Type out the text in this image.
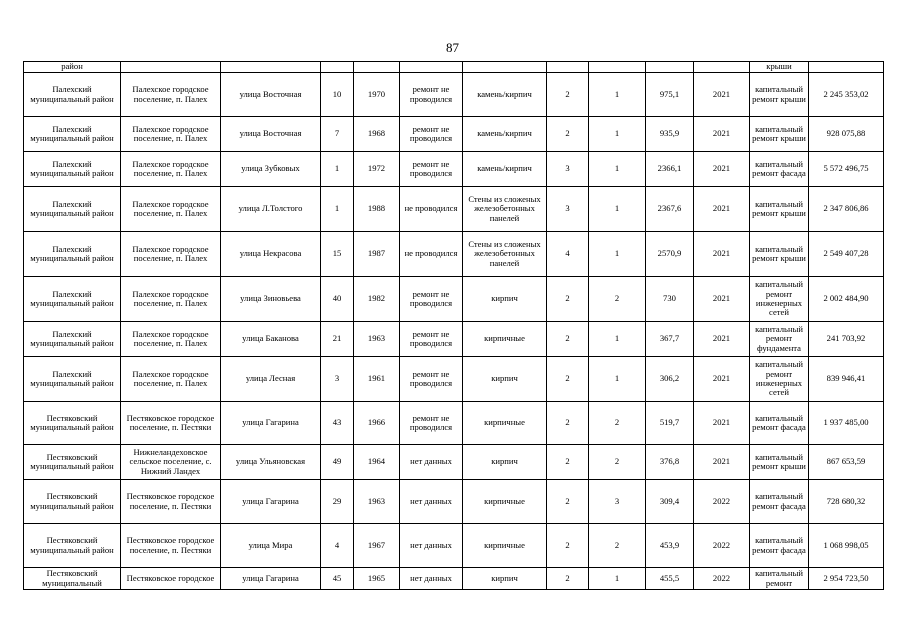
87
район											крыши	
Палехский муниципальный район	Палехское городское поселение, п. Палех	улица Восточная	10	1970	ремонт не проводился	камень/кирпич	2	1	975,1	2021	капитальный ремонт крыши	2 245 353,02
Палехский муниципальный район	Палехское городское поселение, п. Палех	улица Восточная	7	1968	ремонт не проводился	камень/кирпич	2	1	935,9	2021	капитальный ремонт крыши	928 075,88
Палехский муниципальный район	Палехское городское поселение, п. Палех	улица Зубковых	1	1972	ремонт не проводился	камень/кирпич	3	1	2366,1	2021	капитальный ремонт фасада	5 572 496,75
Палехский муниципальный район	Палехское городское поселение, п. Палех	улица Л.Толстого	1	1988	не проводился	Стены из сложеных железобетонных панелей	3	1	2367,6	2021	капитальный ремонт крыши	2 347 806,86
Палехский муниципальный район	Палехское городское поселение, п. Палех	улица Некрасова	15	1987	не проводился	Стены из сложеных железобетонных панелей	4	1	2570,9	2021	капитальный ремонт крыши	2 549 407,28
Палехский муниципальный район	Палехское городское поселение, п. Палех	улица Зиновьева	40	1982	ремонт не проводился	кирпич	2	2	730	2021	капитальный ремонт инженерных сетей	2 002 484,90
Палехский муниципальный район	Палехское городское поселение, п. Палех	улица Баканова	21	1963	ремонт не проводился	кирпичные	2	1	367,7	2021	капитальный ремонт фундамента	241 703,92
Палехский муниципальный район	Палехское городское поселение, п. Палех	улица Лесная	3	1961	ремонт не проводился	кирпич	2	1	306,2	2021	капитальный ремонт инженерных сетей	839 946,41
Пестяковский муниципальный район	Пестяковское городское поселение, п. Пестяки	улица Гагарина	43	1966	ремонт не проводился	кирпичные	2	2	519,7	2021	капитальный ремонт фасада	1 937 485,00
Пестяковский муниципальный район	Нижнеландеховское сельское поселение, с. Нижний Ландех	улица Ульяновская	49	1964	нет данных	кирпич	2	2	376,8	2021	капитальный ремонт крыши	867 653,59
Пестяковский муниципальный район	Пестяковское городское поселение, п. Пестяки	улица Гагарина	29	1963	нет данных	кирпичные	2	3	309,4	2022	капитальный ремонт фасада	728 680,32
Пестяковский муниципальный район	Пестяковское городское поселение, п. Пестяки	улица Мира	4	1967	нет данных	кирпичные	2	2	453,9	2022	капитальный ремонт фасада	1 068 998,05
Пестяковский муниципальный	Пестяковское городское	улица Гагарина	45	1965	нет данных	кирпич	2	1	455,5	2022	капитальный ремонт	2 954 723,50
